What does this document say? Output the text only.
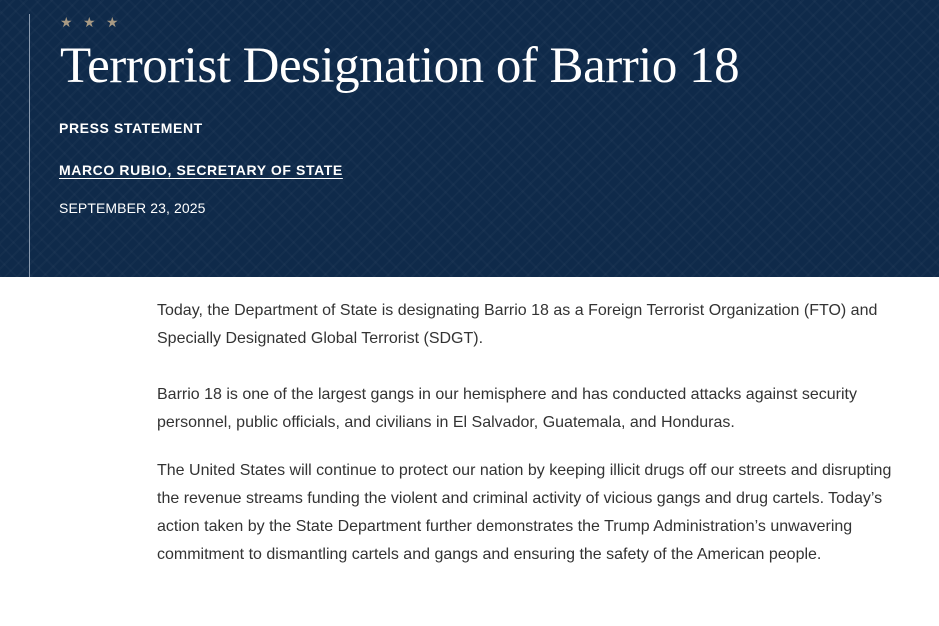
★ ★ ★
Terrorist Designation of Barrio 18
PRESS STATEMENT
MARCO RUBIO, SECRETARY OF STATE
SEPTEMBER 23, 2025

Today, the Department of State is designating Barrio 18 as a Foreign Terrorist Organization (FTO) and Specially Designated Global Terrorist (SDGT).

Barrio 18 is one of the largest gangs in our hemisphere and has conducted attacks against security personnel, public officials, and civilians in El Salvador, Guatemala, and Honduras.

The United States will continue to protect our nation by keeping illicit drugs off our streets and disrupting the revenue streams funding the violent and criminal activity of vicious gangs and drug cartels. Today’s action taken by the State Department further demonstrates the Trump Administration’s unwavering commitment to dismantling cartels and gangs and ensuring the safety of the American people.
